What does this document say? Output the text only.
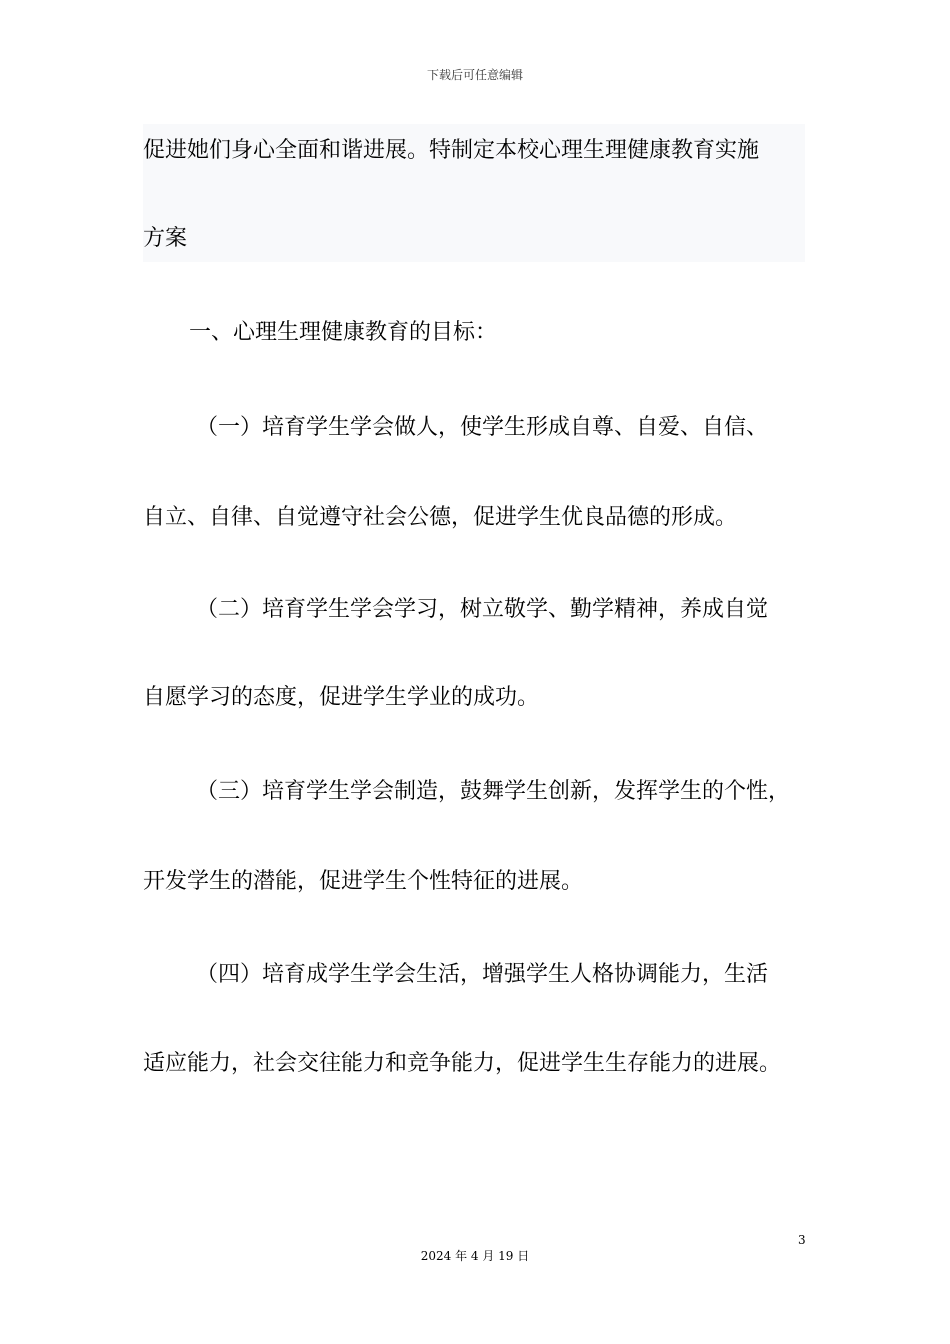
下载后可任意编辑
促进她们身心全面和谐进展。特制定本校心理生理健康教育实施
方案
一、心理生理健康教育的目标：
（一）培育学生学会做人，使学生形成自尊、自爱、自信、
自立、自律、自觉遵守社会公德，促进学生优良品德的形成。
（二）培育学生学会学习，树立敬学、勤学精神，养成自觉
自愿学习的态度，促进学生学业的成功。
（三）培育学生学会制造，鼓舞学生创新，发挥学生的个性，
开发学生的潜能，促进学生个性特征的进展。
（四）培育成学生学会生活，增强学生人格协调能力，生活
适应能力，社会交往能力和竞争能力，促进学生生存能力的进展。
3
2024 年 4 月 19 日
